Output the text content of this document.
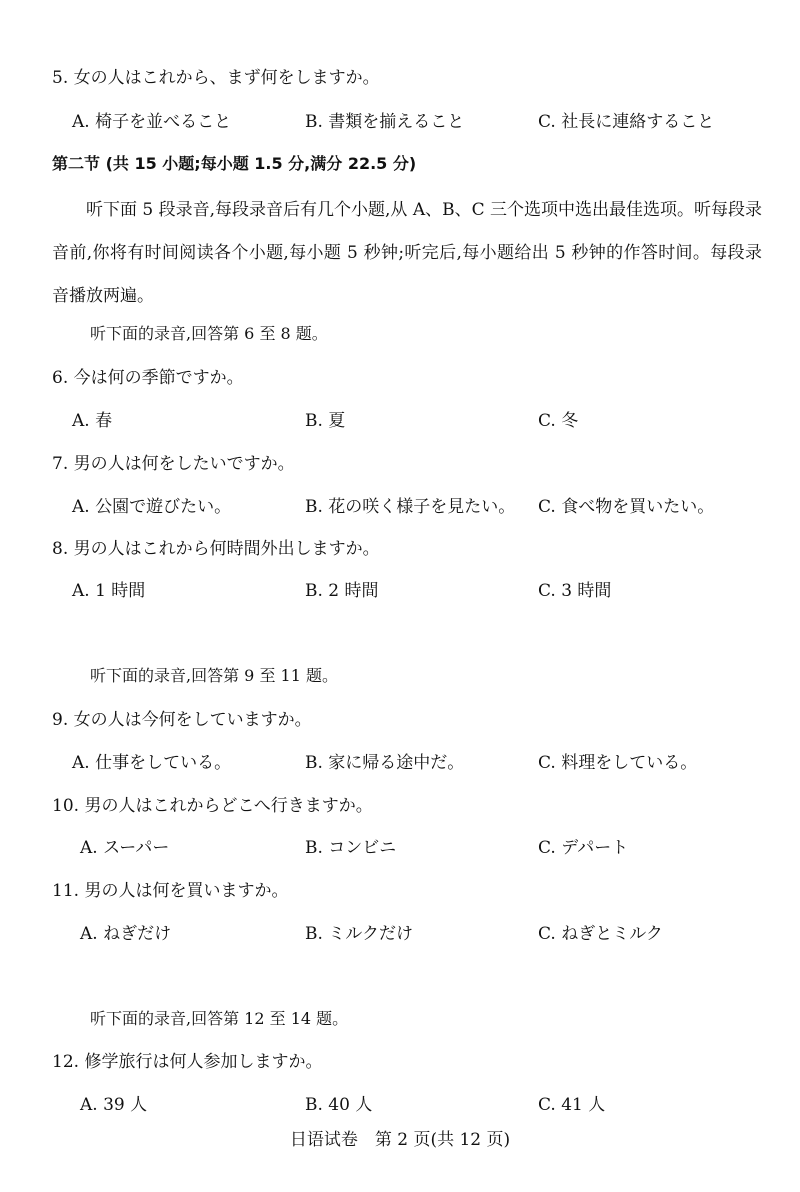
5. 女の人はこれから、まず何をしますか。
A. 椅子を並べること	B. 書類を揃えること	C. 社長に連絡すること
第二节 (共 15 小题;每小题 1.5 分,满分 22.5 分)
听下面 5 段录音,每段录音后有几个小题,从 A、B、C 三个选项中选出最佳选项。听每段录音前,你将有时间阅读各个小题,每小题 5 秒钟;听完后,每小题给出 5 秒钟的作答时间。每段录音播放两遍。
听下面的录音,回答第 6 至 8 题。
6. 今は何の季節ですか。
A. 春	B. 夏	C. 冬
7. 男の人は何をしたいですか。
A. 公園で遊びたい。	B. 花の咲く様子を見たい。 C. 食べ物を買いたい。
8. 男の人はこれから何時間外出しますか。
A. 1 時間	B. 2 時間	C. 3 時間
听下面的录音,回答第 9 至 11 题。
9. 女の人は今何をしていますか。
A. 仕事をしている。	B. 家に帰る途中だ。	C. 料理をしている。
10. 男の人はこれからどこへ行きますか。
A. スーパー	B. コンビニ	C. デパート
11. 男の人は何を買いますか。
A. ねぎだけ	B. ミルクだけ	C. ねぎとミルク
听下面的录音,回答第 12 至 14 题。
12. 修学旅行は何人参加しますか。
A. 39 人	B. 40 人	C. 41 人
日语试卷　第 2 页(共 12 页)
